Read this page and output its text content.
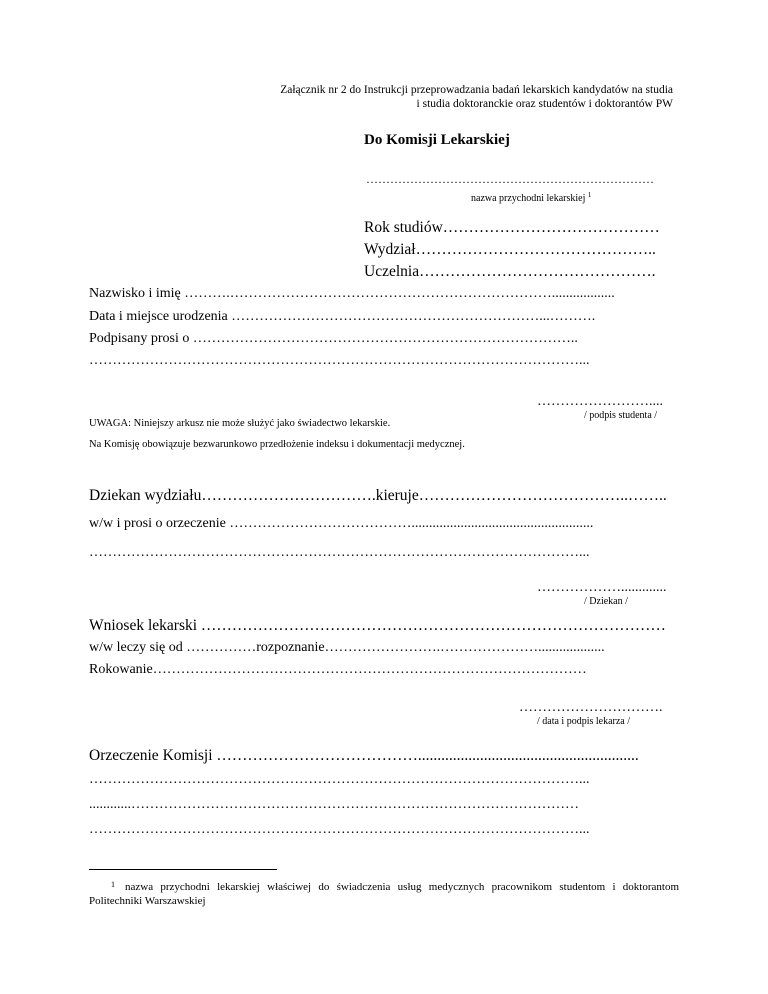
Załącznik nr 2 do Instrukcji przeprowadzania badań lekarskich kandydatów na studia
i studia doktoranckie oraz studentów i doktorantów PW
Do Komisji Lekarskiej
………………………………………………………………
nazwa przychodni lekarskiej $^1$
Rok studiów……………………………………
Wydział………………………………………..
Uczelnia……………………………………….
Nazwisko i imię ……….……………………………………………………………..................
Data i miejsce urodzenia …………………………………………………………...……….
Podpisany prosi o ………………………………………………………………………..
……………………………………………………………………………………………...
……………………....
/ podpis studenta /
UWAGA: Niniejszy arkusz nie może służyć jako świadectwo lekarskie.
Na Komisję obowiązuje bezwarunkowo przedłożenie indeksu i dokumentacji medycznej.
Dziekan wydziału…………………………….kieruje…………………………………..……..
w/w i prosi o orzeczenie …………………………………....................................................
……………………………………………………………………………………………...
……………….............
/ Dziekan /
Wniosek lekarski ………………………………………………………………………………
w/w leczy się od ……………rozpoznanie…………………….…………………...................
Rokowanie…………………………………………………………………………………
………………………….
/ data i podpis lekarza /
Orzeczenie Komisji ………………………………….........................................................
……………………………………………………………………………………………...
............……………………………………………………………………………………
……………………………………………………………………………………………...
$^1$ nazwa przychodni lekarskiej właściwej do świadczenia usług medycznych pracownikom studentom i doktorantom Politechniki Warszawskiej
